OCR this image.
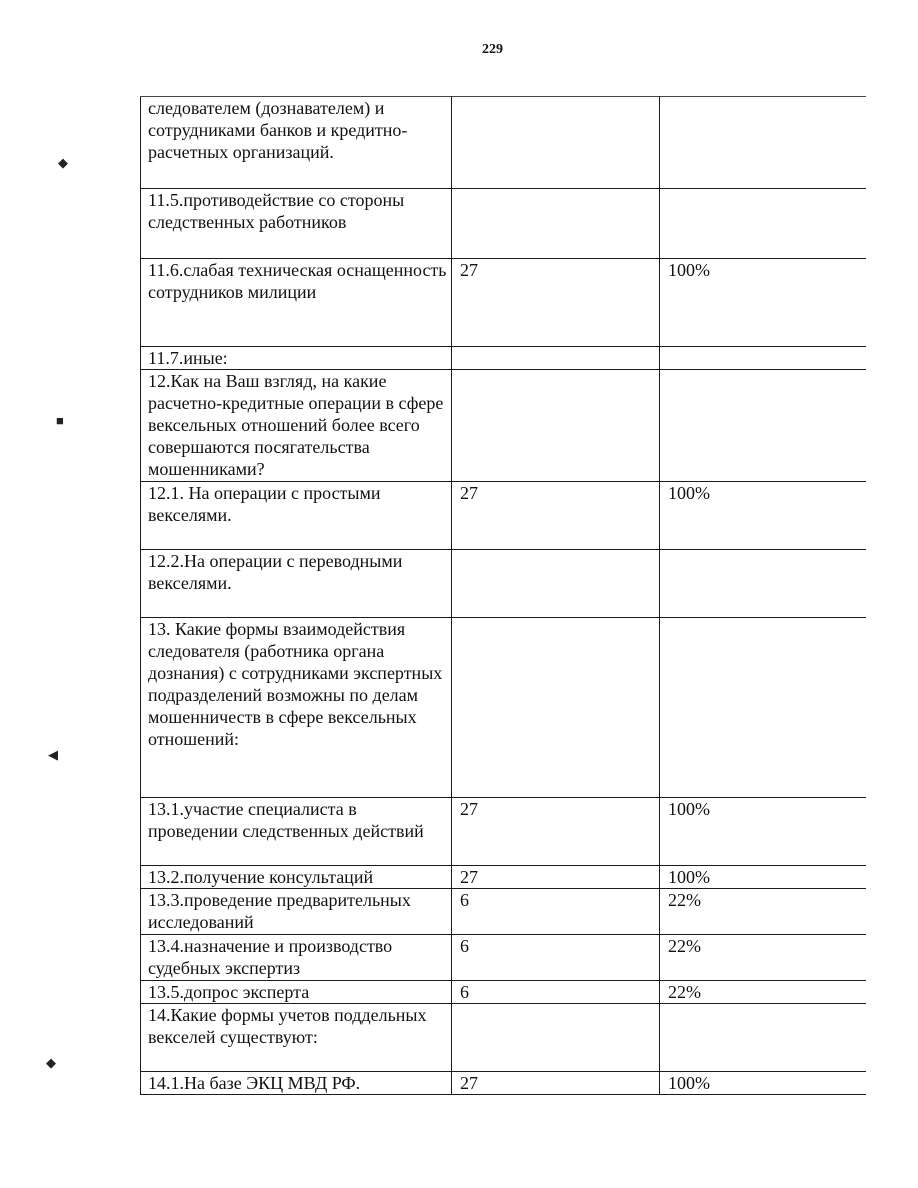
229
◆
■
◀
◆
следователем (дознавателем) и сотрудниками банков и кредитно-расчетных организаций.		
11.5.противодействие со стороны следственных работников		
11.6.слабая техническая оснащенность сотрудников милиции	27	100%
11.7.иные:		
12.Как на Ваш взгляд, на какие расчетно-кредитные операции в сфере вексельных отношений более всего совершаются посягательства мошенниками?		
12.1. На операции с простыми векселями.	27	100%
12.2.На операции с переводными векселями.		
13. Какие формы взаимодействия следователя (работника органа дознания) с сотрудниками экспертных подразделений возможны по делам мошенничеств в сфере вексельных отношений:		
13.1.участие специалиста в проведении следственных действий	27	100%
13.2.получение консультаций	27	100%
13.3.проведение предварительных исследований	6	22%
13.4.назначение и производство судебных экспертиз	6	22%
13.5.допрос эксперта	6	22%
14.Какие формы учетов поддельных векселей существуют:		
14.1.На базе ЭКЦ МВД РФ.	27	100%
